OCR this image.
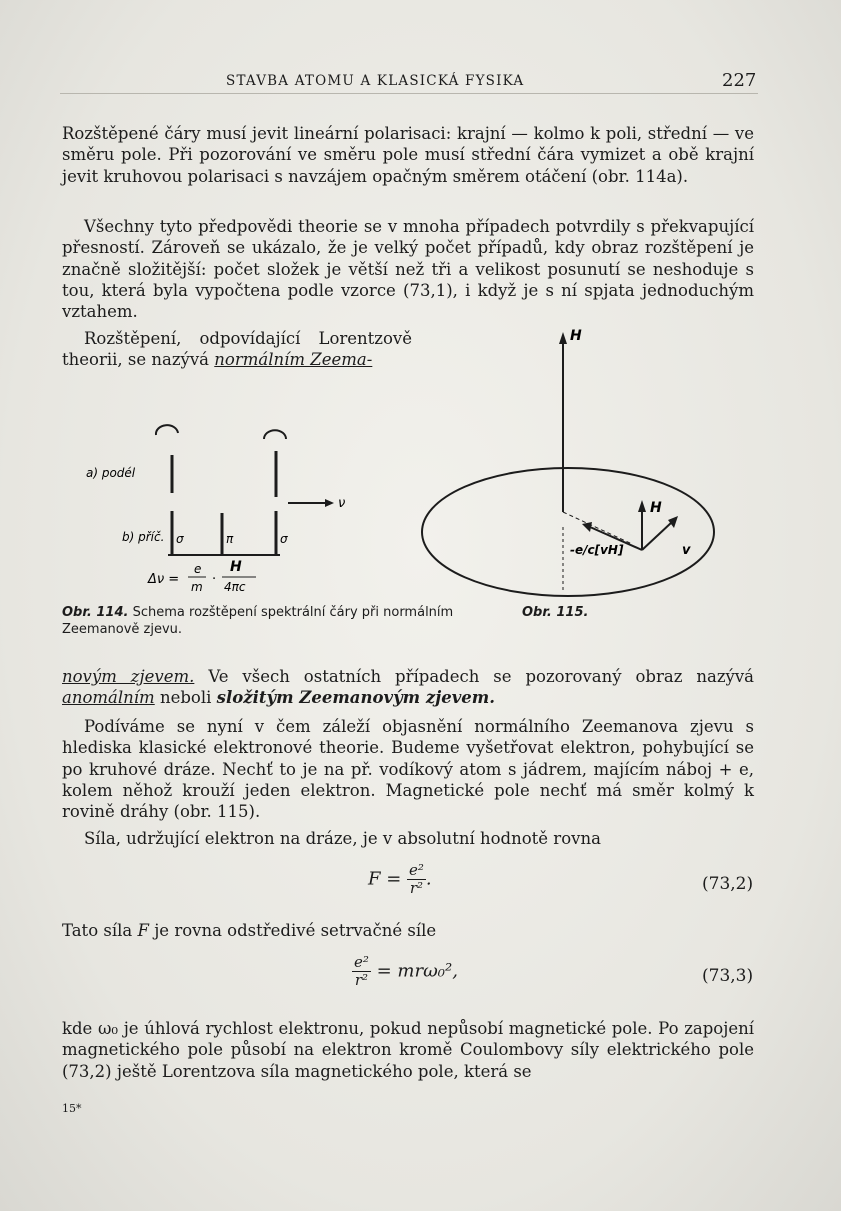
STAVBA ATOMU A KLASICKÁ FYSIKA	227

Rozštěpené čáry musí jevit lineární polarisaci: krajní — kolmo k poli, střední — ve směru pole. Při pozorování ve směru pole musí střední čára vymizet a obě krajní jevit kruhovou polarisaci s navzájem opačným směrem otáčení (obr. 114a).

Všechny tyto předpovědi theorie se v mnoha případech potvrdily s překvapující přesností. Zároveň se ukázalo, že je velký počet případů, kdy obraz rozštěpení je značně složitější: počet složek je větší než tři a velikost posunutí se neshoduje s tou, která byla vypočtena podle vzorce (73,1), i když je s ní spjata jednoduchým vztahem.

Rozštěpení, odpovídající Lorentzově theorii, se nazývá normálním Zeema-

a) podél
b) příč. σ	π	σ
ν
Δν =
e
m ·
H
4πc
H
H
v
-e/c[vH]
Obr. 114. Schema rozštěpení spektrální čáry při normálním Zeemanově zjevu.
Obr. 115.

novým zjevem. Ve všech ostatních případech se pozorovaný obraz nazývá anomálním neboli složitým Zeemanovým zjevem.

Podíváme se nyní v čem záleží objasnění normálního Zeemanova zjevu s hlediska klasické elektronové theorie. Budeme vyšetřovat elektron, pohybující se po kruhové dráze. Nechť to je na př. vodíkový atom s jádrem, majícím náboj + e, kolem něhož krouží jeden elektron. Magnetické pole nechť má směr kolmý k rovině dráhy (obr. 115).

Síla, udržující elektron na dráze, je v absolutní hodnotě rovna

$F = \frac{\text{e²}}{\text{r²}}$ .	(73,2)

Tato síla F je rovna odstředivé setrvačné síle

$\frac{\text{e²}}{\text{r²}} = mr\omega_0^2$,	(73,3)

kde ω₀ je úhlová rychlost elektronu, pokud nepůsobí magnetické pole. Po zapojení magnetického pole působí na elektron kromě Coulombovy síly elektrického pole (73,2) ještě Lorentzova síla magnetického pole, která se

15*
